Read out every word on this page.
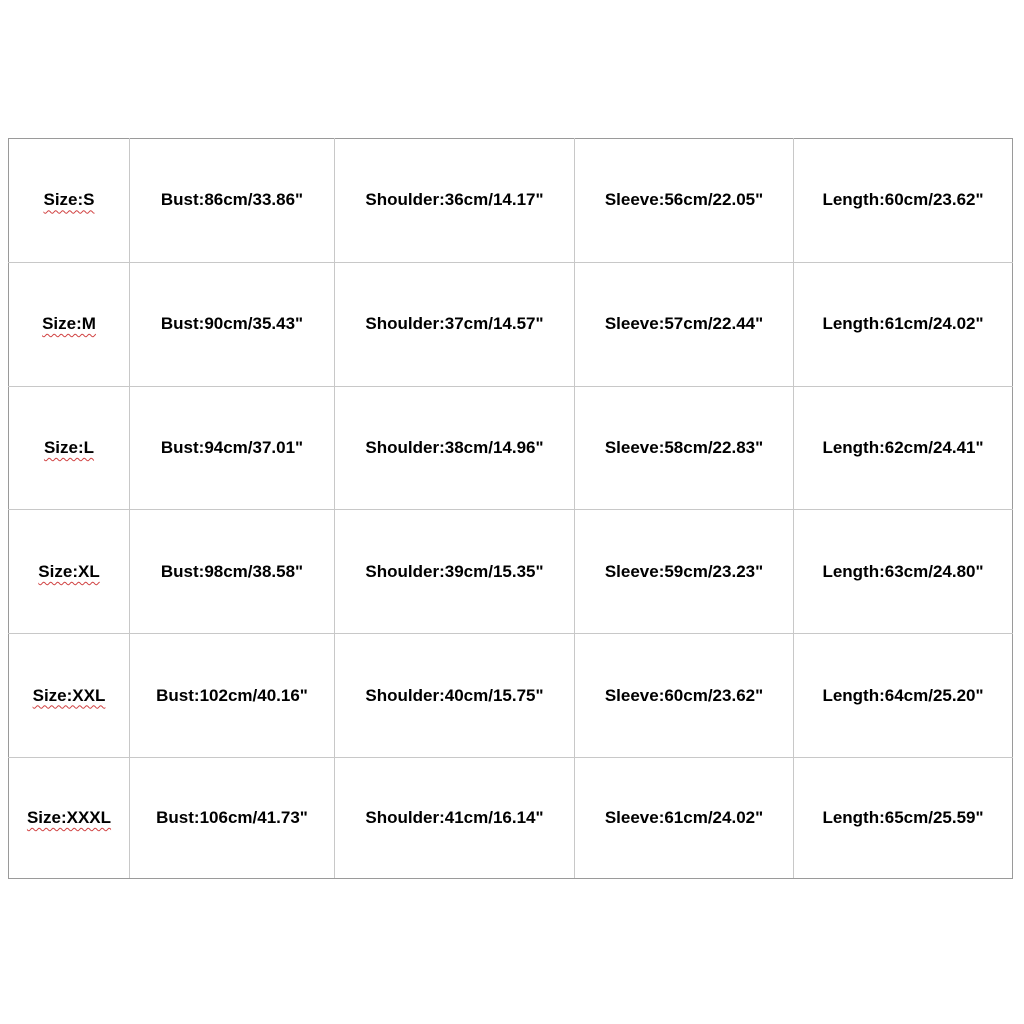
Size:S	Bust:86cm/33.86"	Shoulder:36cm/14.17"	Sleeve:56cm/22.05"	Length:60cm/23.62"
Size:M	Bust:90cm/35.43"	Shoulder:37cm/14.57"	Sleeve:57cm/22.44"	Length:61cm/24.02"
Size:L	Bust:94cm/37.01"	Shoulder:38cm/14.96"	Sleeve:58cm/22.83"	Length:62cm/24.41"
Size:XL	Bust:98cm/38.58"	Shoulder:39cm/15.35"	Sleeve:59cm/23.23"	Length:63cm/24.80"
Size:XXL	Bust:102cm/40.16"	Shoulder:40cm/15.75"	Sleeve:60cm/23.62"	Length:64cm/25.20"
Size:XXXL	Bust:106cm/41.73"	Shoulder:41cm/16.14"	Sleeve:61cm/24.02"	Length:65cm/25.59"
